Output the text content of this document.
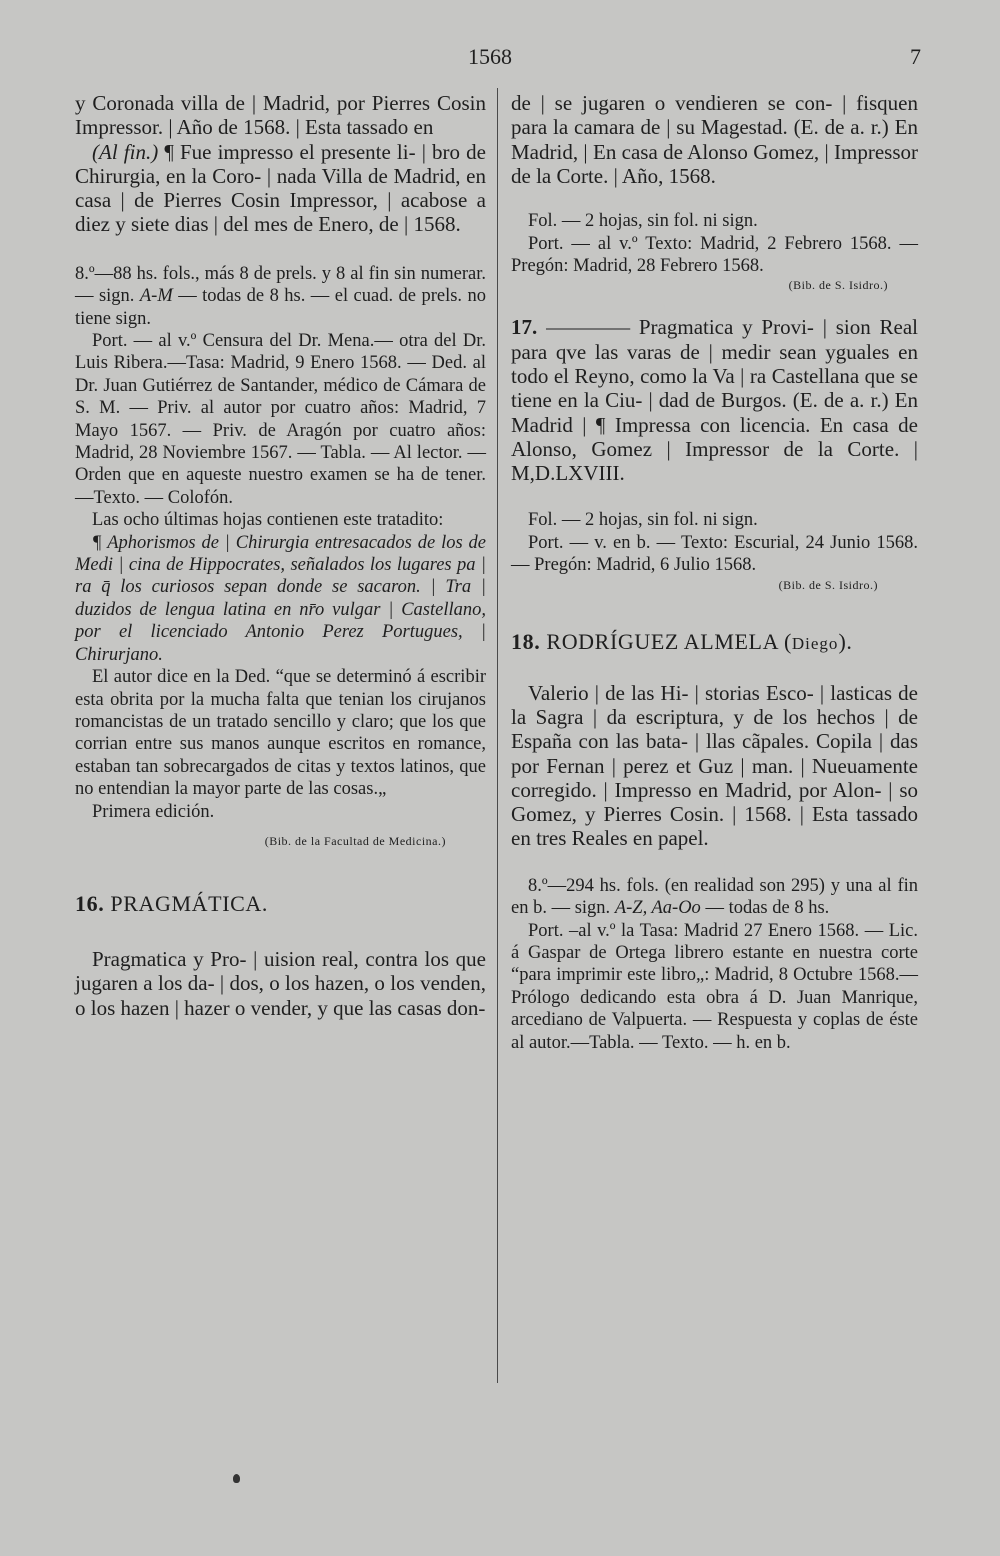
1568	7

y Coronada villa de | Madrid, por Pierres Cosin Impressor. | Año de 1568. | Esta tassado en

(Al fin.) ¶ Fue impresso el presente li- | bro de Chirurgia, en la Coro- | nada Villa de Madrid, en casa | de Pierres Cosin Impressor, | acabose a diez y siete dias | del mes de Enero, de | 1568.

8.º—88 hs. fols., más 8 de prels. y 8 al fin sin numerar. — sign. A-M — todas de 8 hs. — el cuad. de prels. no tiene sign.

Port. — al v.º Censura del Dr. Mena.— otra del Dr. Luis Ribera.—Tasa: Madrid, 9 Enero 1568. — Ded. al Dr. Juan Gutiérrez de Santander, médico de Cámara de S. M. — Priv. al autor por cuatro años: Madrid, 7 Mayo 1567. — Priv. de Aragón por cuatro años: Madrid, 28 Noviembre 1567. — Tabla. — Al lector. — Orden que en aqueste nuestro examen se ha de tener. —Texto. — Colofón.

Las ocho últimas hojas contienen este tratadito:

¶ Aphorismos de | Chirurgia entresacados de los de Medi | cina de Hippocrates, señalados los lugares pa | ra q̄ los curiosos sepan donde se sacaron. | Tra | duzidos de lengua latina en nr̄o vulgar | Castellano, por el licenciado Antonio Perez Portugues, | Chirurjano.

El autor dice en la Ded. “que se determinó á escribir esta obrita por la mucha falta que tenian los cirujanos romancistas de un tratado sencillo y claro; que los que corrian entre sus manos aunque escritos en romance, estaban tan sobrecargados de citas y textos latinos, que no entendian la mayor parte de las cosas.„

Primera edición.

(Bib. de la Facultad de Medicina.)

16. PRAGMÁTICA.

Pragmatica y Pro- | uision real, contra los que jugaren a los da- | dos, o los hazen, o los venden, o los hazen | hazer o vender, y que las casas don-

de | se jugaren o vendieren se con- | fisquen para la camara de | su Magestad. (E. de a. r.) En Madrid, | En casa de Alonso Gomez, | Impressor de la Corte. | Año, 1568.

Fol. — 2 hojas, sin fol. ni sign.

Port. — al v.º Texto: Madrid, 2 Febrero 1568. — Pregón: Madrid, 28 Febrero 1568.

(Bib. de S. Isidro.)

17. ———— Pragmatica y Provi- | sion Real para qve las varas de | medir sean yguales en todo el Reyno, como la Va | ra Castellana que se tiene en la Ciu- | dad de Burgos. (E. de a. r.) En Madrid | ¶ Impressa con licencia. En casa de Alonso, Gomez | Impressor de la Corte. | M,D.LXVIII.

Fol. — 2 hojas, sin fol. ni sign.

Port. — v. en b. — Texto: Escurial, 24 Junio 1568. — Pregón: Madrid, 6 Julio 1568.

(Bib. de S. Isidro.)

18. RODRÍGUEZ ALMELA (Diego).

Valerio | de las Hi- | storias Esco- | lasticas de la Sagra | da escriptura, y de los hechos | de España con las bata- | llas cãpales. Copila | das por Fernan | perez et Guz | man. | Nueuamente corregido. | Impresso en Madrid, por Alon- | so Gomez, y Pierres Cosin. | 1568. | Esta tassado en tres Reales en papel.

8.º—294 hs. fols. (en realidad son 295) y una al fin en b. — sign. A-Z, Aa-Oo — todas de 8 hs.

Port. –al v.º la Tasa: Madrid 27 Enero 1568. — Lic. á Gaspar de Ortega librero estante en nuestra corte “para imprimir este libro„: Madrid, 8 Octubre 1568.—Prólogo dedicando esta obra á D. Juan Manrique, arcediano de Valpuerta. — Respuesta y coplas de éste al autor.—Tabla. — Texto. — h. en b.
